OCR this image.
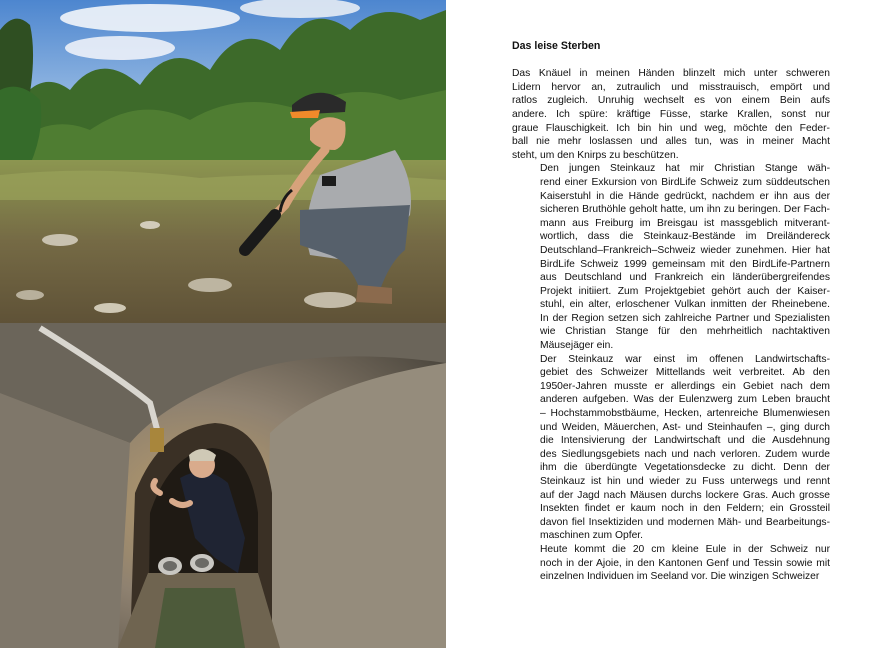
Das leise Sterben
Das Knäuel in meinen Händen blinzelt mich unter schweren
Lidern hervor an, zutraulich und misstrauisch, empört und
ratlos zugleich. Unruhig wechselt es von einem Bein aufs
andere. Ich spüre: kräftige Füsse, starke Krallen, sonst nur
graue Flauschigkeit. Ich bin hin und weg, möchte den Feder-
ball nie mehr loslassen und alles tun, was in meiner Macht
steht, um den Knirps zu beschützen.
Den jungen Steinkauz hat mir Christian Stange wäh-
rend einer Exkursion von BirdLife Schweiz zum süddeutschen
Kaiserstuhl in die Hände gedrückt, nachdem er ihn aus der
sicheren Bruthöhle geholt hatte, um ihn zu beringen. Der Fach-
mann aus Freiburg im Breisgau ist massgeblich mitverant-
wortlich, dass die Steinkauz-Bestände im Dreiländereck
Deutschland–Frankreich–Schweiz wieder zunehmen. Hier hat
BirdLife Schweiz 1999 gemeinsam mit den BirdLife-Partnern
aus Deutschland und Frankreich ein länderübergreifendes
Projekt initiiert. Zum Projektgebiet gehört auch der Kaiser-
stuhl, ein alter, erloschener Vulkan inmitten der Rheinebene.
In der Region setzen sich zahlreiche Partner und Spezialisten
wie Christian Stange für den mehrheitlich nachtaktiven
Mäusejäger ein.
Der Steinkauz war einst im offenen Landwirtschafts-
gebiet des Schweizer Mittellands weit verbreitet. Ab den
1950er-Jahren musste er allerdings ein Gebiet nach dem
anderen aufgeben. Was der Eulenzwerg zum Leben braucht
– Hochstammobstbäume, Hecken, artenreiche Blumenwiesen
und Weiden, Mäuerchen, Ast- und Steinhaufen –, ging durch
die Intensivierung der Landwirtschaft und die Ausdehnung
des Siedlungsgebiets nach und nach verloren. Zudem wurde
ihm die überdüngte Vegetationsdecke zu dicht. Denn der
Steinkauz ist hin und wieder zu Fuss unterwegs und rennt
auf der Jagd nach Mäusen durchs lockere Gras. Auch grosse
Insekten findet er kaum noch in den Feldern; ein Grossteil
davon fiel Insektiziden und modernen Mäh- und Bearbeitungs-
maschinen zum Opfer.
Heute kommt die 20 cm kleine Eule in der Schweiz nur
noch in der Ajoie, in den Kantonen Genf und Tessin sowie mit
einzelnen Individuen im Seeland vor. Die winzigen Schweizer
